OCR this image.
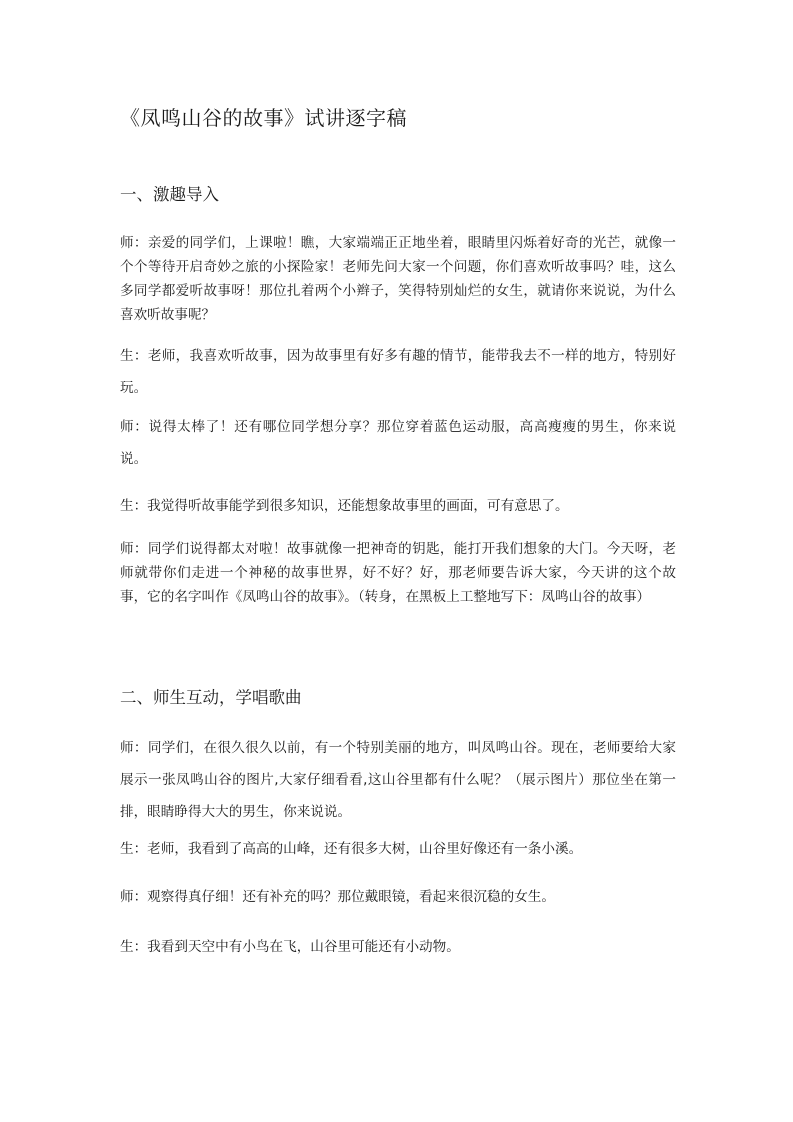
《凤鸣山谷的故事》试讲逐字稿
一、激趣导入

师：亲爱的同学们，上课啦！瞧，大家端端正正地坐着，眼睛里闪烁着好奇的光芒，就像一个个等待开启奇妙之旅的小探险家！老师先问大家一个问题，你们喜欢听故事吗？哇，这么多同学都爱听故事呀！那位扎着两个小辫子，笑得特别灿烂的女生，就请你来说说，为什么喜欢听故事呢？

生：老师，我喜欢听故事，因为故事里有好多有趣的情节，能带我去不一样的地方，特别好玩。

师：说得太棒了！还有哪位同学想分享？那位穿着蓝色运动服，高高瘦瘦的男生，你来说说。

生：我觉得听故事能学到很多知识，还能想象故事里的画面，可有意思了。

师：同学们说得都太对啦！故事就像一把神奇的钥匙，能打开我们想象的大门。今天呀，老师就带你们走进一个神秘的故事世界，好不好？好，那老师要告诉大家，今天讲的这个故事，它的名字叫作《凤鸣山谷的故事》。（转身，在黑板上工整地写下：凤鸣山谷的故事）

二、师生互动，学唱歌曲

师：同学们，在很久很久以前，有一个特别美丽的地方，叫凤鸣山谷。现在，老师要给大家展示一张凤鸣山谷的图片,大家仔细看看,这山谷里都有什么呢？（展示图片）那位坐在第一排，眼睛睁得大大的男生，你来说说。

生：老师，我看到了高高的山峰，还有很多大树，山谷里好像还有一条小溪。

师：观察得真仔细！还有补充的吗？那位戴眼镜，看起来很沉稳的女生。

生：我看到天空中有小鸟在飞，山谷里可能还有小动物。
